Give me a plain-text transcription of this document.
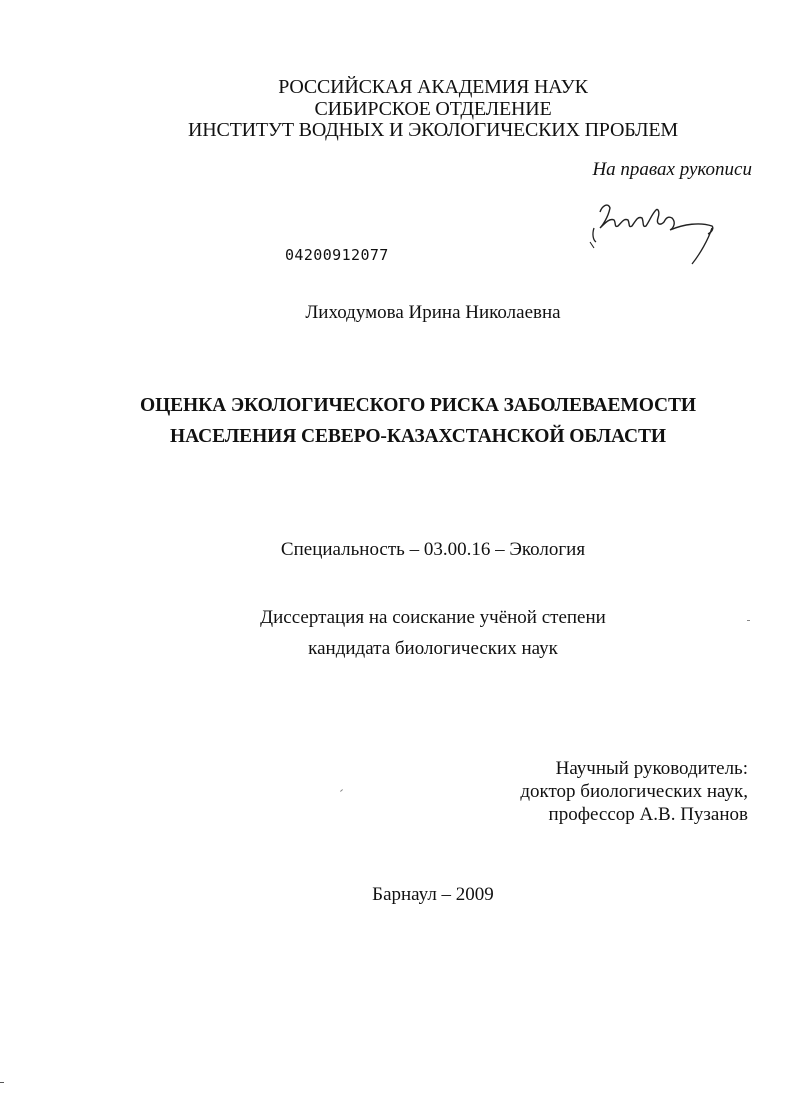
РОССИЙСКАЯ АКАДЕМИЯ НАУК

СИБИРСКОЕ ОТДЕЛЕНИЕ

ИНСТИТУТ ВОДНЫХ И ЭКОЛОГИЧЕСКИХ ПРОБЛЕМ

На правах рукописи

04200912077

Лиходумова Ирина Николаевна

ОЦЕНКА ЭКОЛОГИЧЕСКОГО РИСКА ЗАБОЛЕВАЕМОСТИ

НАСЕЛЕНИЯ СЕВЕРО-КАЗАХСТАНСКОЙ ОБЛАСТИ

Специальность – 03.00.16 – Экология

Диссертация на соискание учёной степени

кандидата биологических наук

Научный руководитель:
доктор биологических наук,
профессор А.В. Пузанов

Барнаул – 2009
